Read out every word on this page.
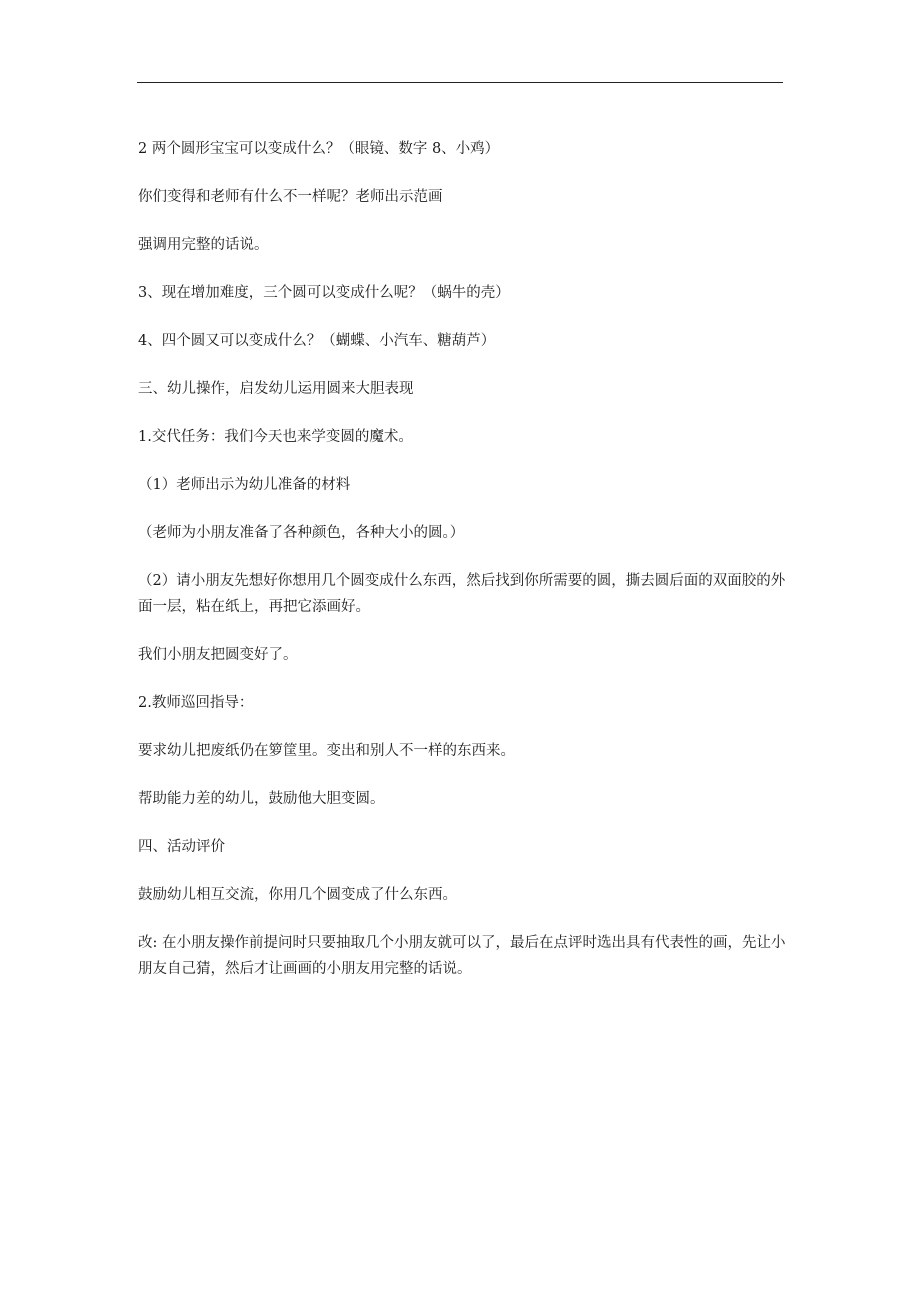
2 两个圆形宝宝可以变成什么？（眼镜、数字 8、小鸡）

你们变得和老师有什么不一样呢？老师出示范画

强调用完整的话说。

3、现在增加难度，三个圆可以变成什么呢？（蜗牛的壳）

4、四个圆又可以变成什么？（蝴蝶、小汽车、糖葫芦）

三、幼儿操作，启发幼儿运用圆来大胆表现

1.交代任务：我们今天也来学变圆的魔术。

（1）老师出示为幼儿准备的材料

（老师为小朋友准备了各种颜色，各种大小的圆。）

（2）请小朋友先想好你想用几个圆变成什么东西，然后找到你所需要的圆，撕去圆后面的双面胶的外面一层，粘在纸上，再把它添画好。

我们小朋友把圆变好了。

2.教师巡回指导：

要求幼儿把废纸仍在箩筐里。变出和别人不一样的东西来。

帮助能力差的幼儿，鼓励他大胆变圆。

四、活动评价

鼓励幼儿相互交流，你用几个圆变成了什么东西。

改: 在小朋友操作前提问时只要抽取几个小朋友就可以了，最后在点评时选出具有代表性的画，先让小朋友自己猜，然后才让画画的小朋友用完整的话说。
